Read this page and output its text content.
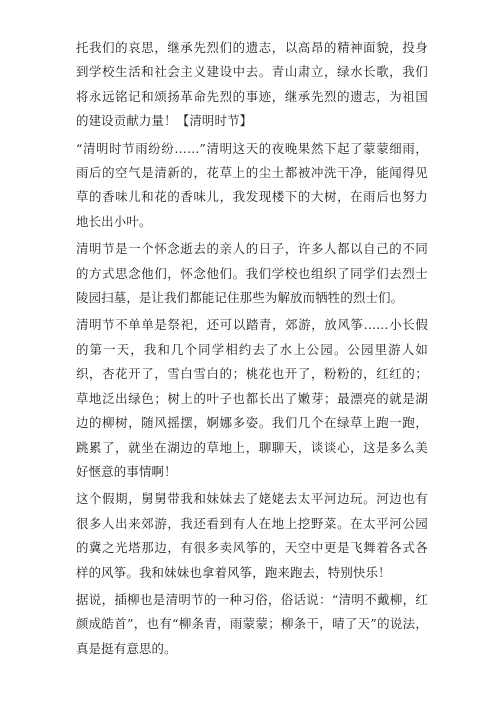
托我们的哀思，继承先烈们的遗志，以高昂的精神面貌，投身到学校生活和社会主义建设中去。青山肃立，绿水长歌，我们将永远铭记和颂扬革命先烈的事迹，继承先烈的遗志，为祖国的建设贡献力量！【清明时节】

“清明时节雨纷纷……”清明这天的夜晚果然下起了蒙蒙细雨，雨后的空气是清新的，花草上的尘土都被冲洗干净，能闻得见草的香味儿和花的香味儿，我发现楼下的大树，在雨后也努力地长出小叶。

清明节是一个怀念逝去的亲人的日子，许多人都以自己的不同的方式思念他们，怀念他们。我们学校也组织了同学们去烈士陵园扫墓，是让我们都能记住那些为解放而牺牲的烈士们。

清明节不单单是祭祀，还可以踏青，郊游，放风筝……小长假的第一天，我和几个同学相约去了水上公园。公园里游人如织，杏花开了，雪白雪白的；桃花也开了，粉粉的，红红的；草地泛出绿色；树上的叶子也都长出了嫩芽；最漂亮的就是湖边的柳树，随风摇摆，婀娜多姿。我们几个在绿草上跑一跑，跳累了，就坐在湖边的草地上，聊聊天，谈谈心，这是多么美好惬意的事情啊！

这个假期，舅舅带我和妹妹去了姥姥去太平河边玩。河边也有很多人出来郊游，我还看到有人在地上挖野菜。在太平河公园的冀之光塔那边，有很多卖风筝的，天空中更是飞舞着各式各样的风筝。我和妹妹也拿着风筝，跑来跑去，特别快乐！

据说，插柳也是清明节的一种习俗，俗话说：“清明不戴柳，红颜成皓首”，也有“柳条青，雨蒙蒙；柳条干，晴了天”的说法，真是挺有意思的。
